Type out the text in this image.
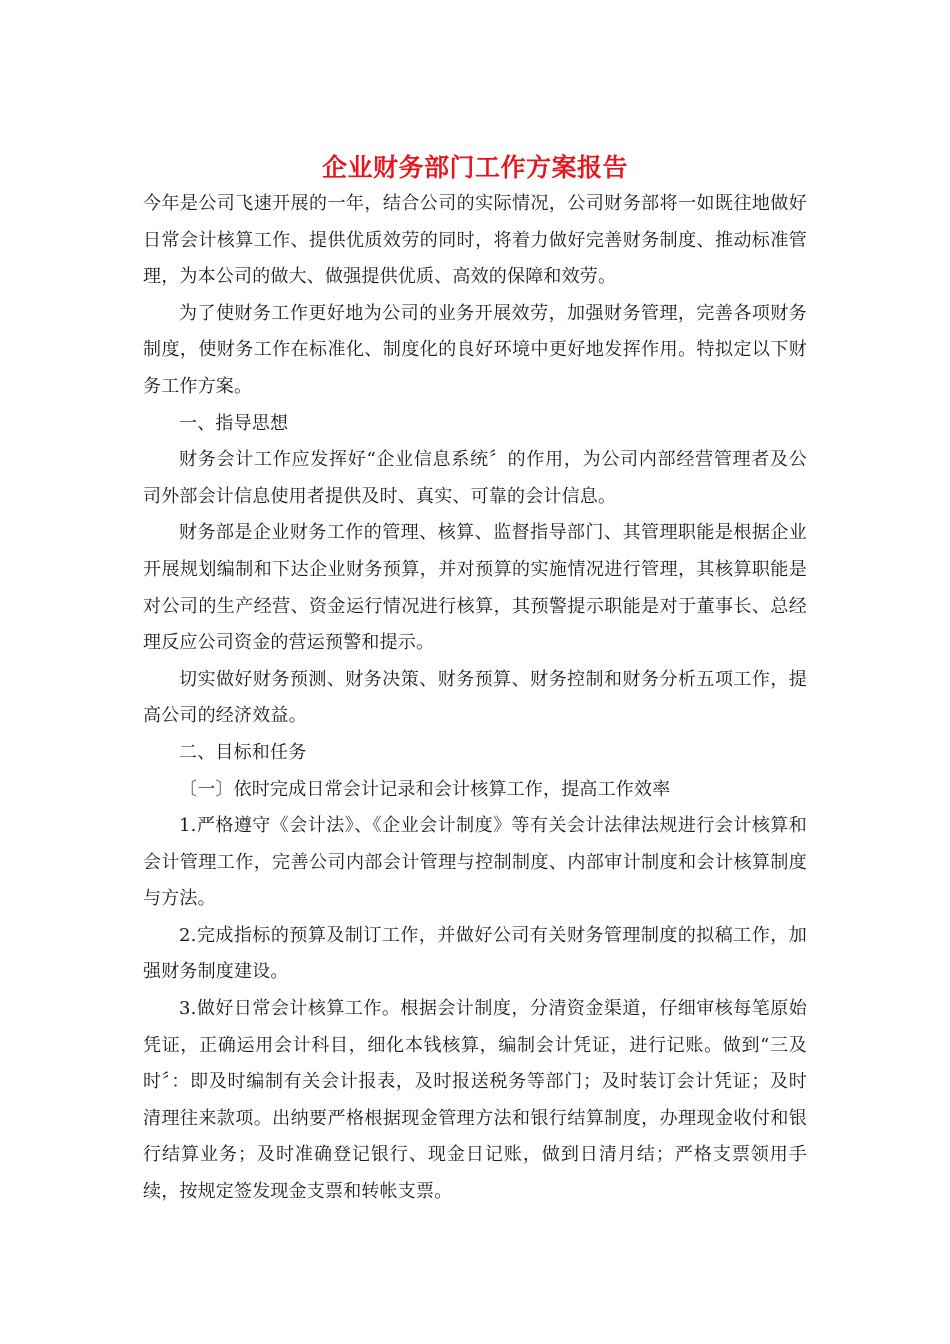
企业财务部门工作方案报告

今年是公司飞速开展的一年，结合公司的实际情况，公司财务部将一如既往地做好日常会计核算工作、提供优质效劳的同时，将着力做好完善财务制度、推动标准管理，为本公司的做大、做强提供优质、高效的保障和效劳。

为了使财务工作更好地为公司的业务开展效劳，加强财务管理，完善各项财务制度，使财务工作在标准化、制度化的良好环境中更好地发挥作用。特拟定以下财务工作方案。

一、指导思想

财务会计工作应发挥好“企业信息系统〞的作用，为公司内部经营管理者及公司外部会计信息使用者提供及时、真实、可靠的会计信息。

财务部是企业财务工作的管理、核算、监督指导部门、其管理职能是根据企业开展规划编制和下达企业财务预算，并对预算的实施情况进行管理，其核算职能是对公司的生产经营、资金运行情况进行核算，其预警提示职能是对于董事长、总经理反应公司资金的营运预警和提示。

切实做好财务预测、财务决策、财务预算、财务控制和财务分析五项工作，提高公司的经济效益。

二、目标和任务

〔一〕依时完成日常会计记录和会计核算工作，提高工作效率

1.严格遵守《会计法》、《企业会计制度》等有关会计法律法规进行会计核算和会计管理工作，完善公司内部会计管理与控制制度、内部审计制度和会计核算制度与方法。

2.完成指标的预算及制订工作，并做好公司有关财务管理制度的拟稿工作，加强财务制度建设。

3.做好日常会计核算工作。根据会计制度，分清资金渠道，仔细审核每笔原始凭证，正确运用会计科目，细化本钱核算，编制会计凭证，进行记账。做到“三及时〞：即及时编制有关会计报表，及时报送税务等部门；及时装订会计凭证；及时清理往来款项。出纳要严格根据现金管理方法和银行结算制度，办理现金收付和银行结算业务；及时准确登记银行、现金日记账，做到日清月结；严格支票领用手续，按规定签发现金支票和转帐支票。
